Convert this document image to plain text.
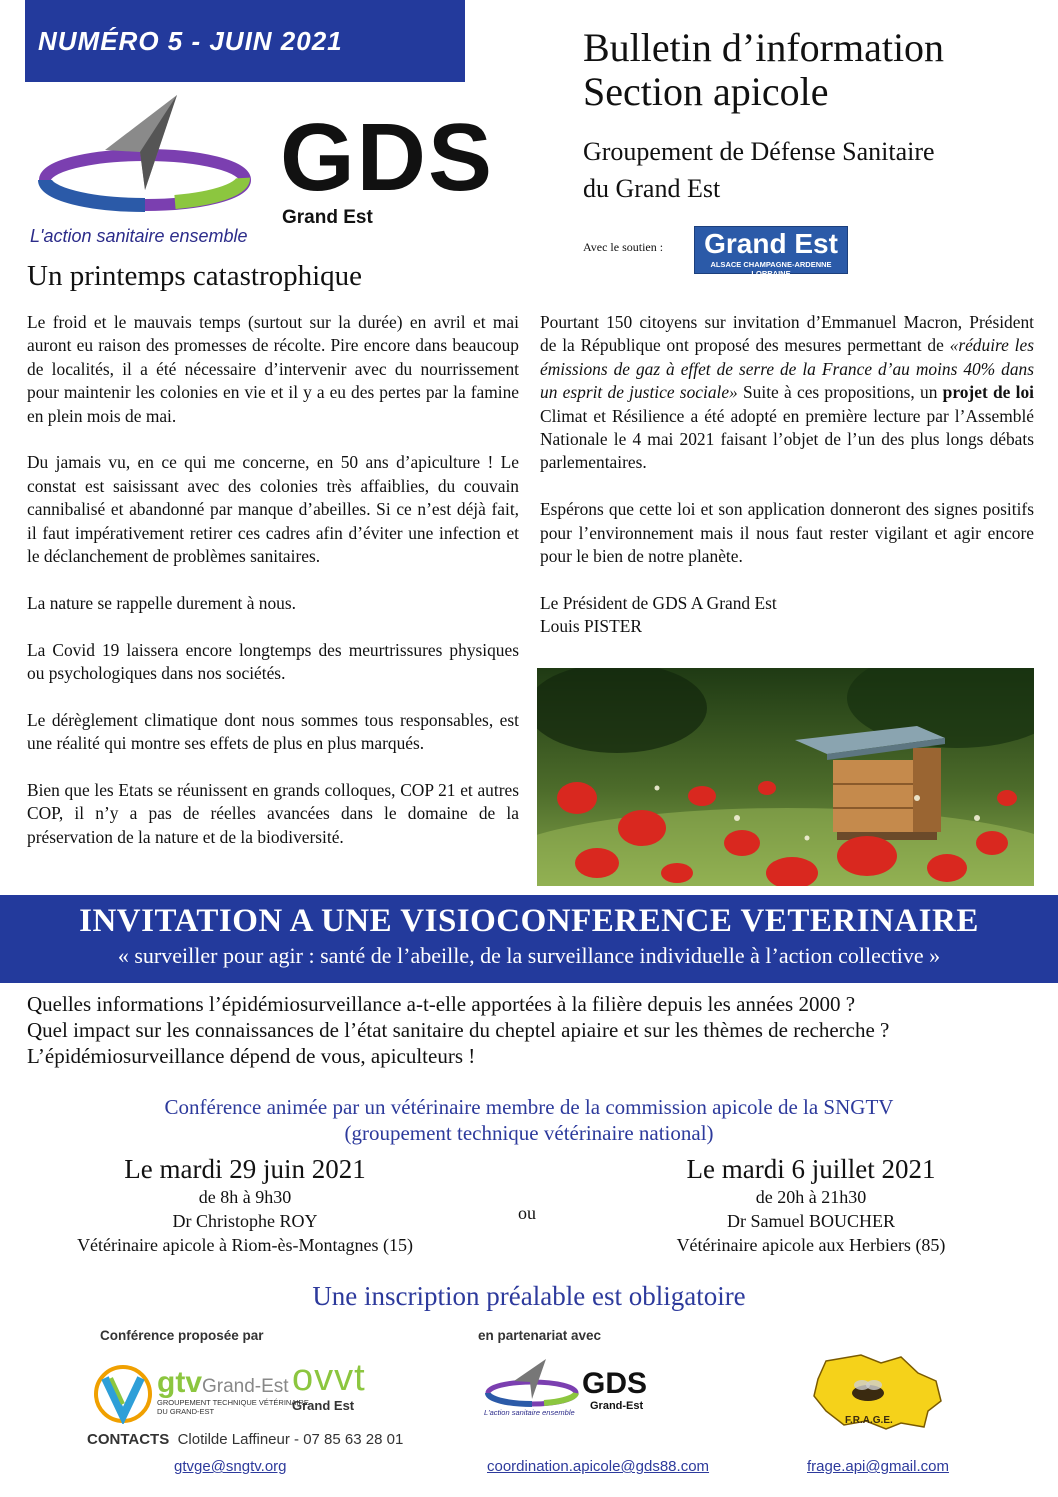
NUMÉRO 5 - JUIN 2021
GDS
Grand Est
L'action sanitaire ensemble
Bulletin d’information
Section apicole
Groupement de Défense Sanitaire
du Grand Est
Avec le soutien :	Grand Est
ALSACE CHAMPAGNE-ARDENNE LORRAINE
Un printemps catastrophique

Le froid et le mauvais temps (surtout sur la durée) en avril et mai auront eu raison des promesses de récolte. Pire encore dans beaucoup de localités, il a été nécessaire d’intervenir avec du nourrissement pour maintenir les colonies en vie et il y a eu des pertes par la famine en plein mois de mai.

Du jamais vu, en ce qui me concerne, en 50 ans d’apiculture ! Le constat est saisissant avec des colonies très affaiblies, du couvain cannibalisé et abandonné par manque d’abeilles. Si ce n’est déjà fait, il faut impérativement retirer ces cadres afin d’éviter une infection et le déclanchement de problèmes sanitaires.

La nature se rappelle durement à nous.

La Covid 19 laissera encore longtemps des meurtrissures physiques ou psychologiques dans nos sociétés.

Le dérèglement climatique dont nous sommes tous responsables, est une réalité qui montre ses effets de plus en plus marqués.

Bien que les Etats se réunissent en grands colloques, COP 21 et autres COP, il n’y a pas de réelles avancées dans le domaine de la préservation de la nature et de la biodiversité.

Pourtant 150 citoyens sur invitation d’Emmanuel Macron, Président de la République ont proposé des mesures permettant de «réduire les émissions de gaz à effet de serre de la France d’au moins 40% dans un esprit de justice sociale» Suite à ces propositions, un projet de loi Climat et Résilience a été adopté en première lecture par l’Assemblé Nationale le 4 mai 2021 faisant l’objet de l’un des plus longs débats parlementaires.

Espérons que cette loi et son application donneront des signes positifs pour l’environnement mais il nous faut rester vigilant et agir encore pour le bien de notre planète.

Le Président de GDS A Grand Est
Louis PISTER
INVITATION A UNE VISIOCONFERENCE VETERINAIRE
« surveiller pour agir : santé de l’abeille, de la surveillance individuelle à l’action collective »
Quelles informations l’épidémiosurveillance a-t-elle apportées à la filière depuis les années 2000 ?
Quel impact sur les connaissances de l’état sanitaire du cheptel apiaire et sur les thèmes de recherche ?
L’épidémiosurveillance dépend de vous, apiculteurs !
Conférence animée par un vétérinaire membre de la commission apicole de la SNGTV
(groupement technique vétérinaire national)
Le mardi 29 juin 2021
de 8h à 9h30
Dr Christophe ROY
Vétérinaire apicole à Riom-ès-Montagnes (15)
ou
Le mardi 6 juillet 2021
de 20h à 21h30
Dr Samuel BOUCHER
Vétérinaire apicole aux Herbiers (85)
Une inscription préalable est obligatoire
Conférence proposée par	en partenariat avec
gtvGrand-Est
GROUPEMENT TECHNIQUE VÉTÉRINAIRE
DU GRAND-EST
ovvt
Grand Est
GDS
Grand-Est
L'action sanitaire ensemble
F.R.A.G.E.
CONTACTS Clotilde Laffineur - 07 85 63 28 01
gtvge@sngtv.org	coordination.apicole@gds88.com	frage.api@gmail.com
